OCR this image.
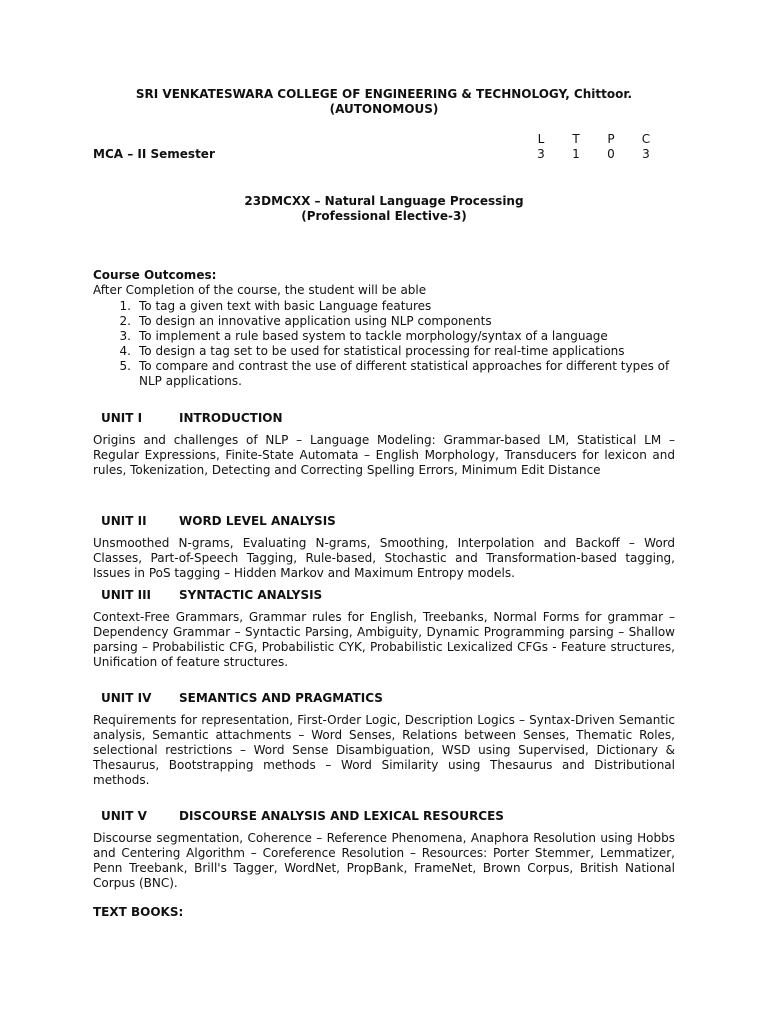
SRI VENKATESWARA COLLEGE OF ENGINEERING & TECHNOLOGY, Chittoor.
(AUTONOMOUS)
L T P C
MCA – II Semester	3 1 0 3
23DMCXX – Natural Language Processing
(Professional Elective-3)
Course Outcomes:
After Completion of the course, the student will be able
1. To tag a given text with basic Language features
2. To design an innovative application using NLP components
3. To implement a rule based system to tackle morphology/syntax of a language
4. To design a tag set to be used for statistical processing for real-time applications
5. To compare and contrast the use of different statistical approaches for different types of NLP applications.
UNIT I	INTRODUCTION
Origins and challenges of NLP – Language Modeling: Grammar-based LM, Statistical LM – Regular Expressions, Finite-State Automata – English Morphology, Transducers for lexicon and rules, Tokenization, Detecting and Correcting Spelling Errors, Minimum Edit Distance
UNIT II	WORD LEVEL ANALYSIS
Unsmoothed N-grams, Evaluating N-grams, Smoothing, Interpolation and Backoff – Word Classes, Part-of-Speech Tagging, Rule-based, Stochastic and Transformation-based tagging, Issues in PoS tagging – Hidden Markov and Maximum Entropy models.
UNIT III	SYNTACTIC ANALYSIS
Context-Free Grammars, Grammar rules for English, Treebanks, Normal Forms for grammar – Dependency Grammar – Syntactic Parsing, Ambiguity, Dynamic Programming parsing – Shallow parsing – Probabilistic CFG, Probabilistic CYK, Probabilistic Lexicalized CFGs - Feature structures, Unification of feature structures.
UNIT IV	SEMANTICS AND PRAGMATICS
Requirements for representation, First-Order Logic, Description Logics – Syntax-Driven Semantic analysis, Semantic attachments – Word Senses, Relations between Senses, Thematic Roles, selectional restrictions – Word Sense Disambiguation, WSD using Supervised, Dictionary & Thesaurus, Bootstrapping methods – Word Similarity using Thesaurus and Distributional methods.
UNIT V	DISCOURSE ANALYSIS AND LEXICAL RESOURCES
Discourse segmentation, Coherence – Reference Phenomena, Anaphora Resolution using Hobbs and Centering Algorithm – Coreference Resolution – Resources: Porter Stemmer, Lemmatizer, Penn Treebank, Brill's Tagger, WordNet, PropBank, FrameNet, Brown Corpus, British National Corpus (BNC).
TEXT BOOKS:
